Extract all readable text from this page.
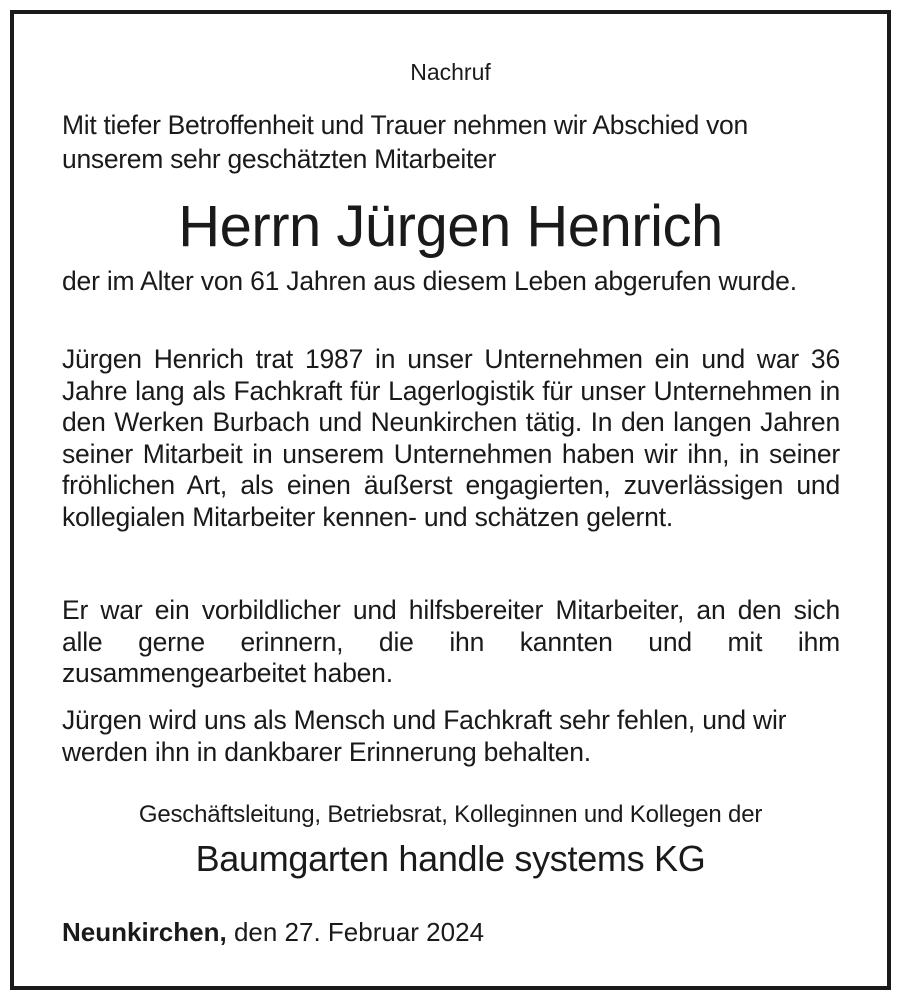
Nachruf
Mit tiefer Betroffenheit und Trauer nehmen wir Abschied von unserem sehr geschätzten Mitarbeiter
Herrn Jürgen Henrich
der im Alter von 61 Jahren aus diesem Leben abgerufen wurde.
Jürgen Henrich trat 1987 in unser Unternehmen ein und war 36 Jahre lang als Fachkraft für Lagerlogistik für unser Unternehmen in den Werken Burbach und Neunkirchen tätig. In den langen Jahren seiner Mitarbeit in unserem Unternehmen haben wir ihn, in seiner fröhlichen Art, als einen äußerst engagierten, zuverlässigen und kollegialen Mitarbeiter kennen- und schätzen gelernt.
Er war ein vorbildlicher und hilfsbereiter Mitarbeiter, an den sich alle gerne erinnern, die ihn kannten und mit ihm zusammengearbeitet haben.
Jürgen wird uns als Mensch und Fachkraft sehr fehlen, und wir werden ihn in dankbarer Erinnerung behalten.
Geschäftsleitung, Betriebsrat, Kolleginnen und Kollegen der
Baumgarten handle systems KG
Neunkirchen, den 27. Februar 2024
